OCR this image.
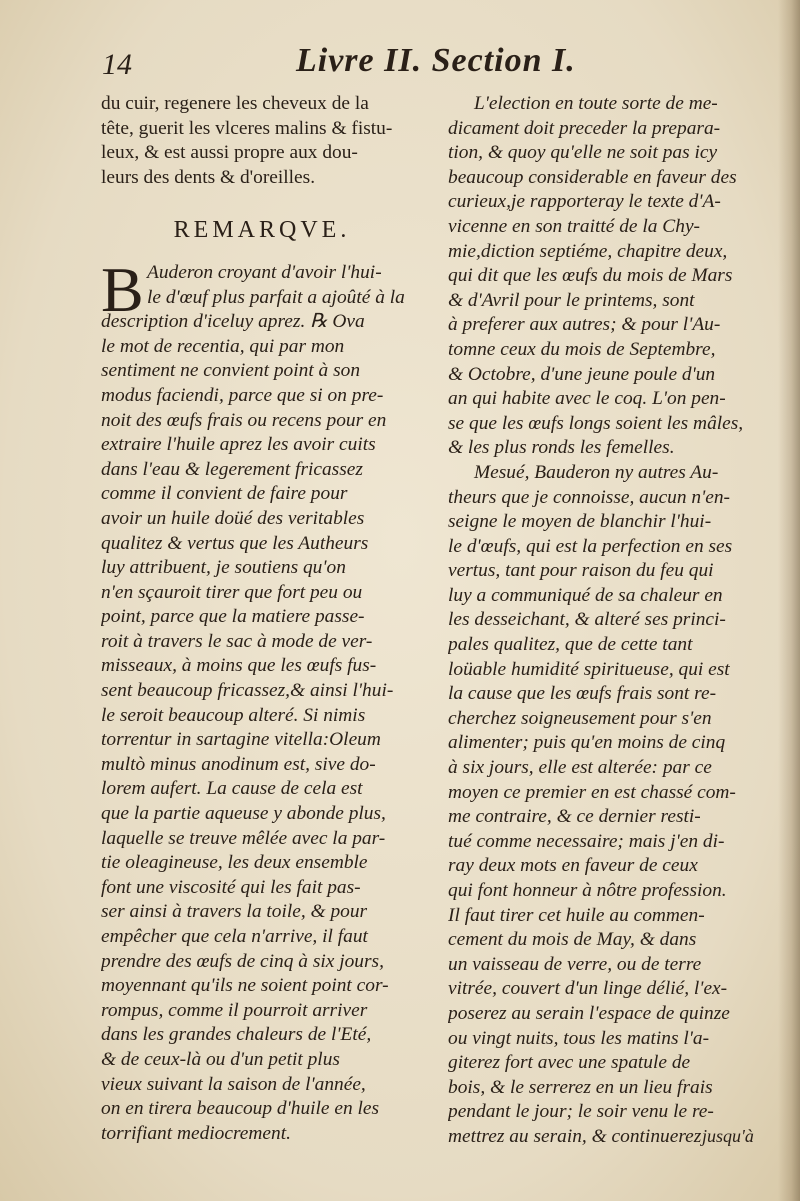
14	Livre II. Section I.
du cuir, regenere les cheveux de la
tête, guerit les vlceres malins & fistu-
leux, & est aussi propre aux dou-
leurs des dents & d'oreilles.
REMARQVE.
B Auderon croyant d'avoir l'hui-
le d'œuf plus parfait a ajoûté à la
description d'iceluy aprez. ℞ Ova
le mot de recentia, qui par mon
sentiment ne convient point à son
modus faciendi, parce que si on pre-
noit des œufs frais ou recens pour en
extraire l'huile aprez les avoir cuits
dans l'eau & legerement fricassez
comme il convient de faire pour
avoir un huile doüé des veritables
qualitez & vertus que les Autheurs
luy attribuent, je soutiens qu'on
n'en sçauroit tirer que fort peu ou
point, parce que la matiere passe-
roit à travers le sac à mode de ver-
misseaux, à moins que les œufs fus-
sent beaucoup fricassez,& ainsi l'hui-
le seroit beaucoup alteré. Si nimis
torrentur in sartagine vitella:Oleum
multò minus anodinum est, sive do-
lorem aufert. La cause de cela est
que la partie aqueuse y abonde plus,
laquelle se treuve mêlée avec la par-
tie oleagineuse, les deux ensemble
font une viscosité qui les fait pas-
ser ainsi à travers la toile, & pour
empêcher que cela n'arrive, il faut
prendre des œufs de cinq à six jours,
moyennant qu'ils ne soient point cor-
rompus, comme il pourroit arriver
dans les grandes chaleurs de l'Eté,
& de ceux-là ou d'un petit plus
vieux suivant la saison de l'année,
on en tirera beaucoup d'huile en les
torrifiant mediocrement.
L'election en toute sorte de me-
dicament doit preceder la prepara-
tion, & quoy qu'elle ne soit pas icy
beaucoup considerable en faveur des
curieux,je rapporteray le texte d'A-
vicenne en son traitté de la Chy-
mie,diction septiéme, chapitre deux,
qui dit que les œufs du mois de Mars
& d'Avril pour le printems, sont
à preferer aux autres; & pour l'Au-
tomne ceux du mois de Septembre,
& Octobre, d'une jeune poule d'un
an qui habite avec le coq. L'on pen-
se que les œufs longs soient les mâles,
& les plus ronds les femelles.
Mesué, Bauderon ny autres Au-
theurs que je connoisse, aucun n'en-
seigne le moyen de blanchir l'hui-
le d'œufs, qui est la perfection en ses
vertus, tant pour raison du feu qui
luy a communiqué de sa chaleur en
les desseichant, & alteré ses princi-
pales qualitez, que de cette tant
loüable humidité spiritueuse, qui est
la cause que les œufs frais sont re-
cherchez soigneusement pour s'en
alimenter; puis qu'en moins de cinq
à six jours, elle est alterée: par ce
moyen ce premier en est chassé com-
me contraire, & ce dernier resti-
tué comme necessaire; mais j'en di-
ray deux mots en faveur de ceux
qui font honneur à nôtre profession.
Il faut tirer cet huile au commen-
cement du mois de May, & dans
un vaisseau de verre, ou de terre
vitrée, couvert d'un linge délié, l'ex-
poserez au serain l'espace de quinze
ou vingt nuits, tous les matins l'a-
giterez fort avec une spatule de
bois, & le serrerez en un lieu frais
pendant le jour; le soir venu le re-
mettrez au serain, & continuerez jusqu'à
